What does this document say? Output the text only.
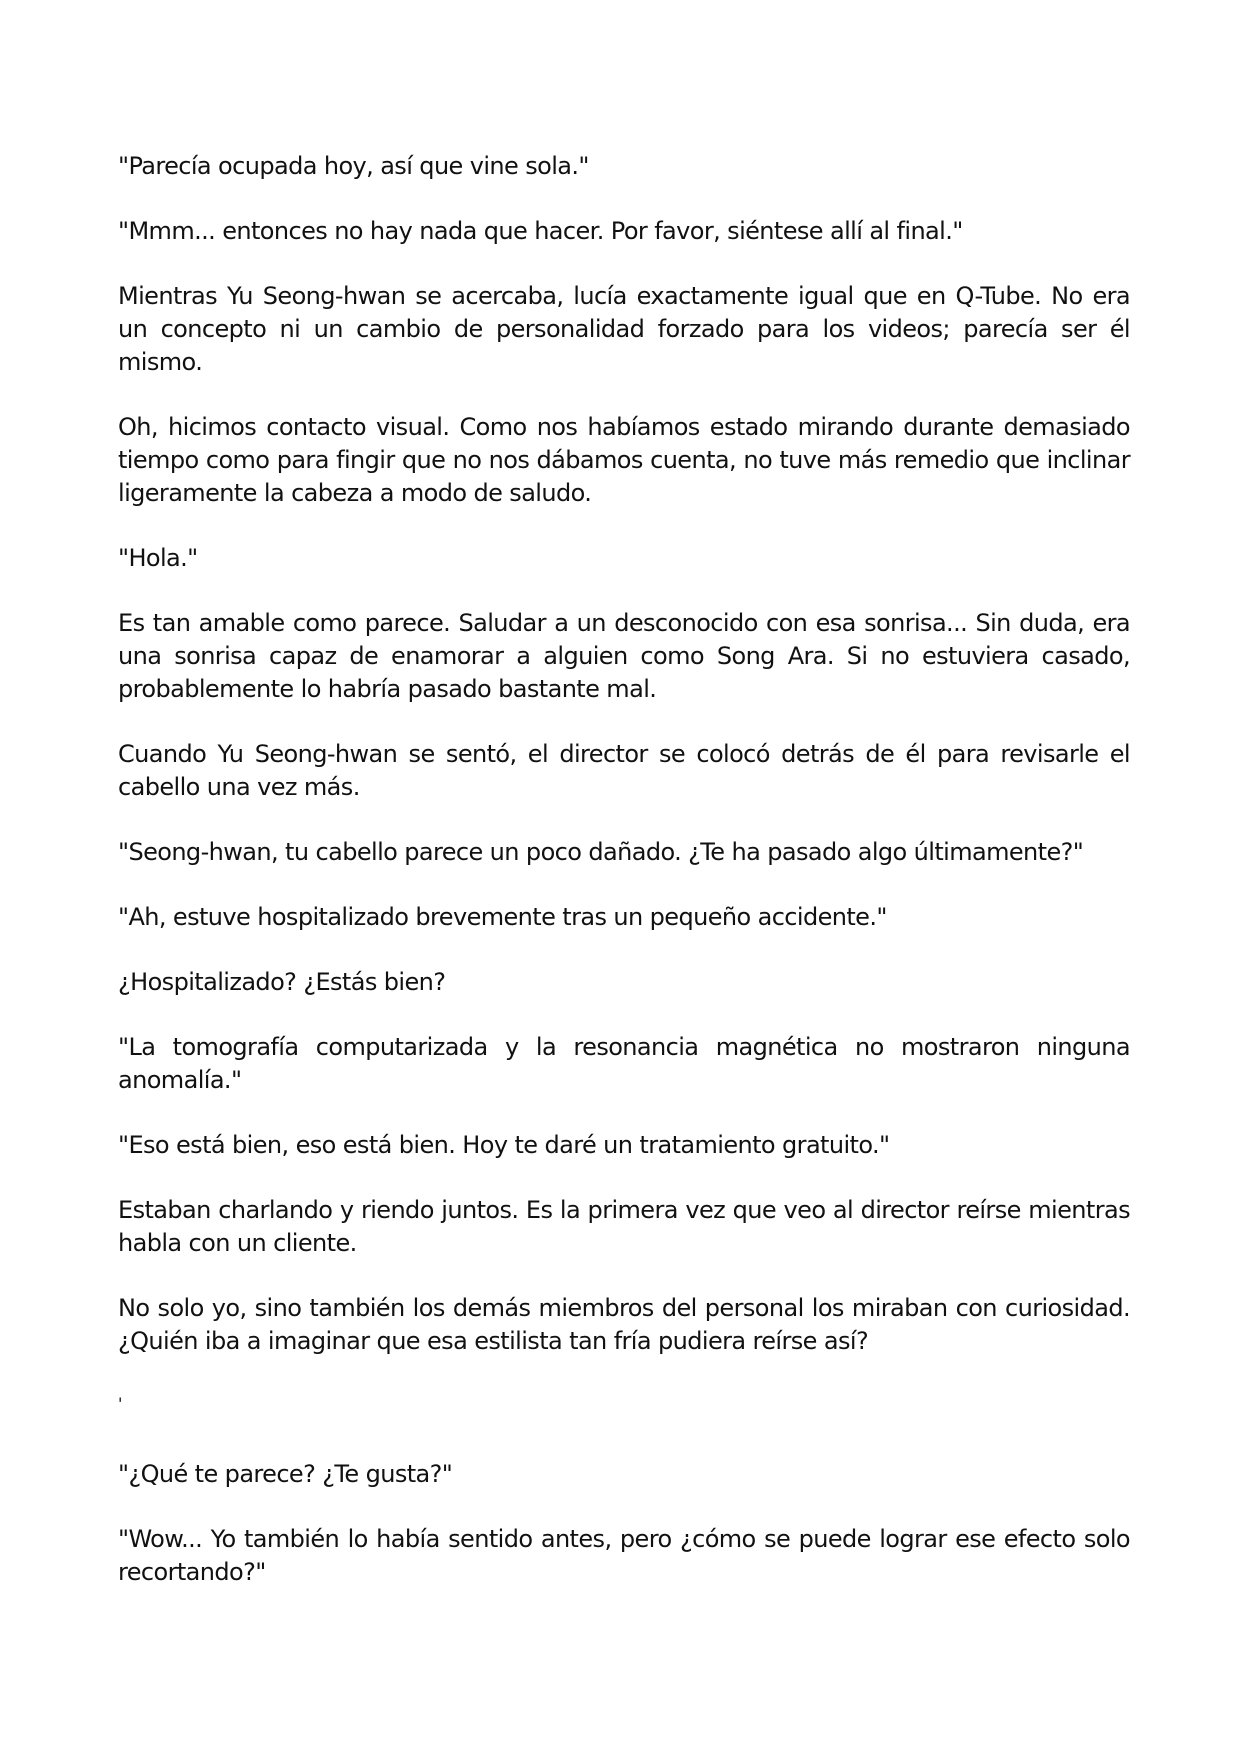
"Parecía ocupada hoy, así que vine sola."

"Mmm... entonces no hay nada que hacer. Por favor, siéntese allí al final."

Mientras Yu Seong-hwan se acercaba, lucía exactamente igual que en Q-Tube. No era un concepto ni un cambio de personalidad forzado para los videos; parecía ser él mismo.

Oh, hicimos contacto visual. Como nos habíamos estado mirando durante demasiado tiempo como para fingir que no nos dábamos cuenta, no tuve más remedio que inclinar ligeramente la cabeza a modo de saludo.

"Hola."

Es tan amable como parece. Saludar a un desconocido con esa sonrisa... Sin duda, era una sonrisa capaz de enamorar a alguien como Song Ara. Si no estuviera casado, probablemente lo habría pasado bastante mal.

Cuando Yu Seong-hwan se sentó, el director se colocó detrás de él para revisarle el cabello una vez más.

"Seong-hwan, tu cabello parece un poco dañado. ¿Te ha pasado algo últimamente?"

"Ah, estuve hospitalizado brevemente tras un pequeño accidente."

¿Hospitalizado? ¿Estás bien?

"La tomografía computarizada y la resonancia magnética no mostraron ninguna anomalía."

"Eso está bien, eso está bien. Hoy te daré un tratamiento gratuito."

Estaban charlando y riendo juntos. Es la primera vez que veo al director reírse mientras habla con un cliente.

No solo yo, sino también los demás miembros del personal los miraban con curiosidad. ¿Quién iba a imaginar que esa estilista tan fría pudiera reírse así?

'

"¿Qué te parece? ¿Te gusta?"

"Wow... Yo también lo había sentido antes, pero ¿cómo se puede lograr ese efecto solo recortando?"
